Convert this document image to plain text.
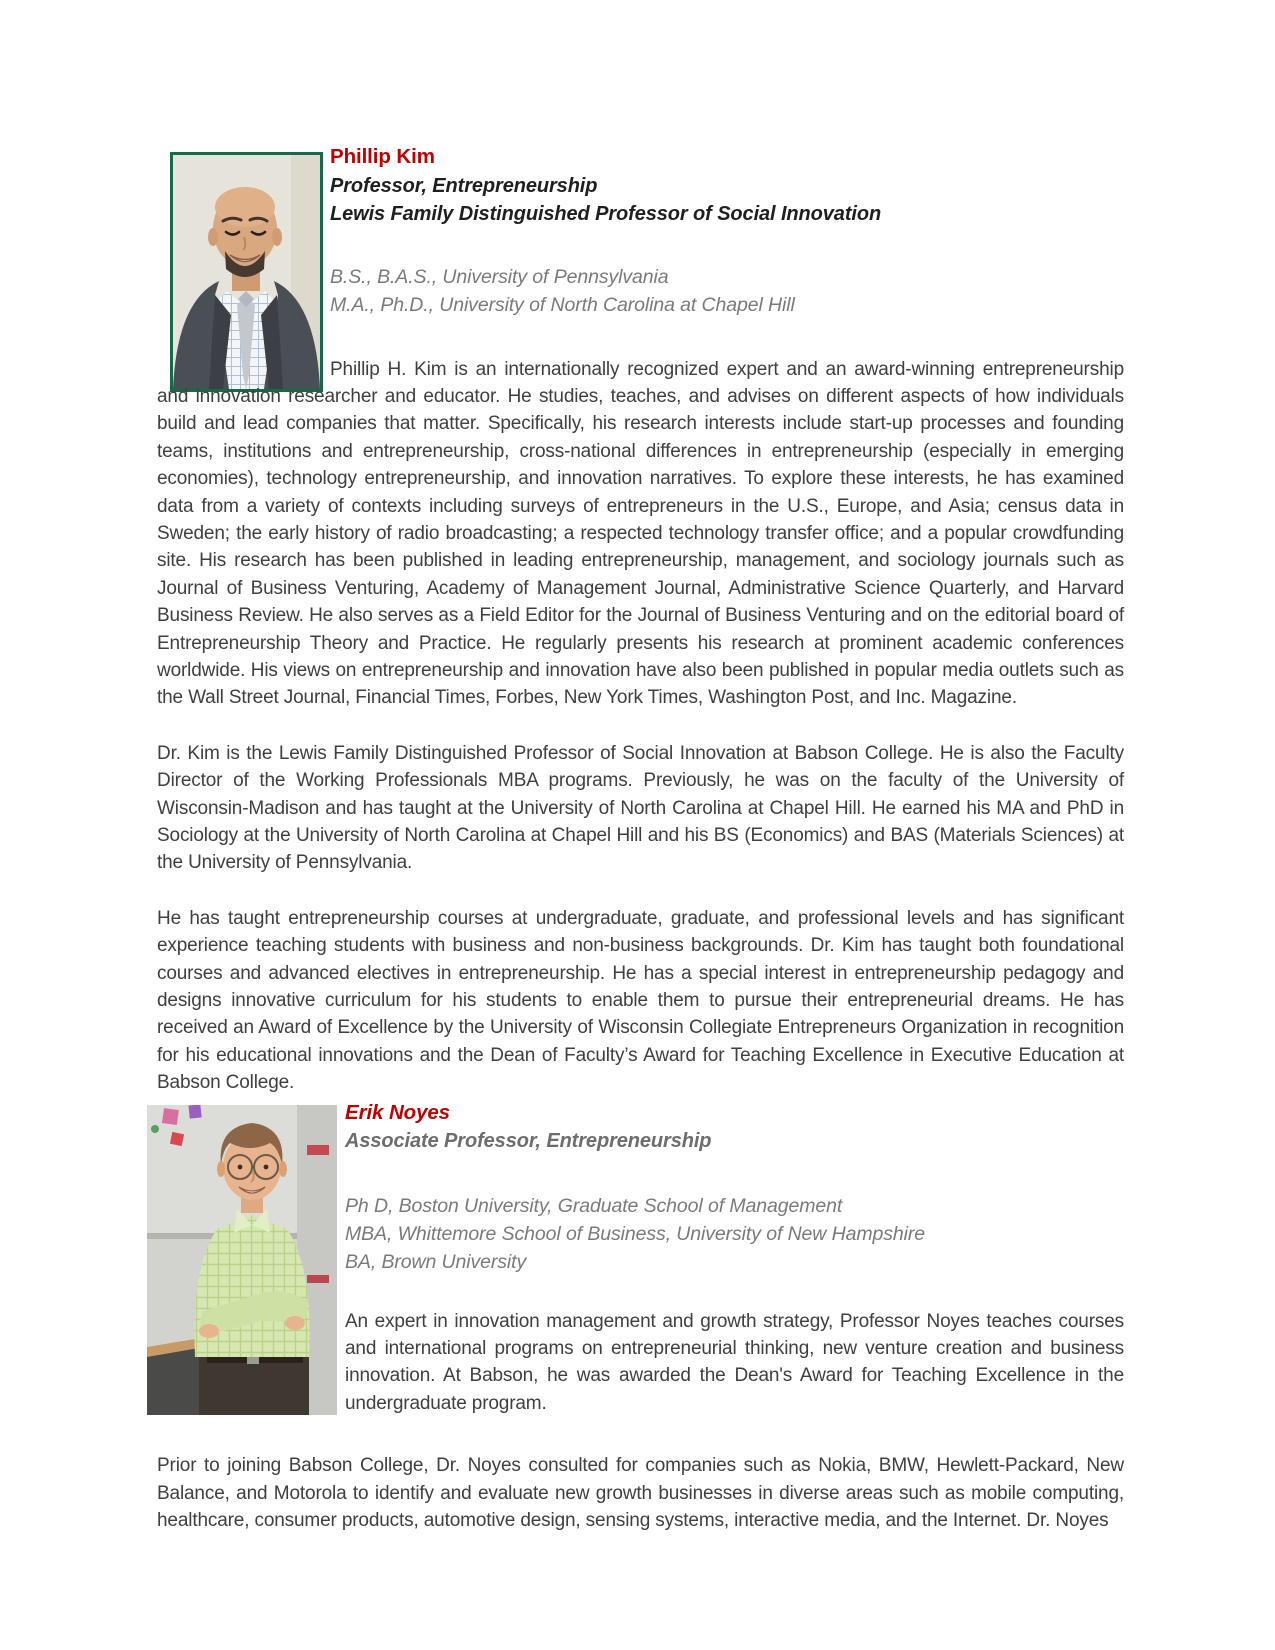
Phillip Kim
Professor, Entrepreneurship
Lewis Family Distinguished Professor of Social Innovation
B.S., B.A.S., University of Pennsylvania
M.A., Ph.D., University of North Carolina at Chapel Hill

Phillip H. Kim is an internationally recognized expert and an award-winning entrepreneurship and innovation researcher and educator. He studies, teaches, and advises on different aspects of how individuals build and lead companies that matter. Specifically, his research interests include start-up processes and founding teams, institutions and entrepreneurship, cross-national differences in entrepreneurship (especially in emerging economies), technology entrepreneurship, and innovation narratives. To explore these interests, he has examined data from a variety of contexts including surveys of entrepreneurs in the U.S., Europe, and Asia; census data in Sweden; the early history of radio broadcasting; a respected technology transfer office; and a popular crowdfunding site. His research has been published in leading entrepreneurship, management, and sociology journals such as Journal of Business Venturing, Academy of Management Journal, Administrative Science Quarterly, and Harvard Business Review. He also serves as a Field Editor for the Journal of Business Venturing and on the editorial board of Entrepreneurship Theory and Practice. He regularly presents his research at prominent academic conferences worldwide. His views on entrepreneurship and innovation have also been published in popular media outlets such as the Wall Street Journal, Financial Times, Forbes, New York Times, Washington Post, and Inc. Magazine.

Dr. Kim is the Lewis Family Distinguished Professor of Social Innovation at Babson College. He is also the Faculty Director of the Working Professionals MBA programs. Previously, he was on the faculty of the University of Wisconsin-Madison and has taught at the University of North Carolina at Chapel Hill. He earned his MA and PhD in Sociology at the University of North Carolina at Chapel Hill and his BS (Economics) and BAS (Materials Sciences) at the University of Pennsylvania.

He has taught entrepreneurship courses at undergraduate, graduate, and professional levels and has significant experience teaching students with business and non-business backgrounds. Dr. Kim has taught both foundational courses and advanced electives in entrepreneurship. He has a special interest in entrepreneurship pedagogy and designs innovative curriculum for his students to enable them to pursue their entrepreneurial dreams. He has received an Award of Excellence by the University of Wisconsin Collegiate Entrepreneurs Organization in recognition for his educational innovations and the Dean of Faculty’s Award for Teaching Excellence in Executive Education at Babson College.

Erik Noyes
Associate Professor, Entrepreneurship
Ph D, Boston University, Graduate School of Management
MBA, Whittemore School of Business, University of New Hampshire
BA, Brown University

An expert in innovation management and growth strategy, Professor Noyes teaches courses and international programs on entrepreneurial thinking, new venture creation and business innovation. At Babson, he was awarded the Dean's Award for Teaching Excellence in the undergraduate program.

Prior to joining Babson College, Dr. Noyes consulted for companies such as Nokia, BMW, Hewlett-Packard, New Balance, and Motorola to identify and evaluate new growth businesses in diverse areas such as mobile computing, healthcare, consumer products, automotive design, sensing systems, interactive media, and the Internet. Dr. Noyes
